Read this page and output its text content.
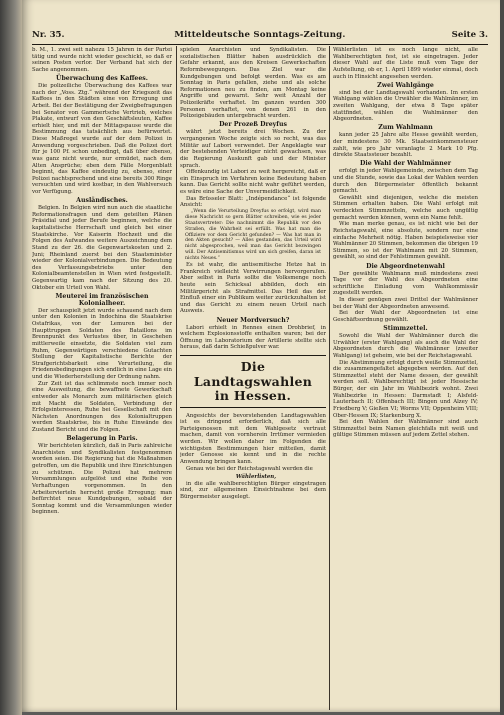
Nr. 35.	Mitteldeutsche Sonntags-Zeitung.	Seite 3.

b. M., 1. zwei seit nahezu 15 Jahren in der Partei tätig und wurde nicht wieder geschickt, so daß er seinen Posten verlor. Der Verband hat sich der Sache angenommen.

Überwachung des Kaffees.

Die polizeiliche Überwachung des Kaffees war nach der „Voss. Ztg.“ während der Kriegszeit das Kaffees in den Städten eine von Erregung und Arbeit. Bei der Bestätigung der Zweigbefragungen bei Senator von Gammertsche Vertrieb, welches Plakate, entwurf von den Geschäftsleuten, Kaffee erhielt hier, und mit der Mittagspause wurde die Bestimmung das tatsächlich aus befürwortet. Diese Maßregel wurde auf der dem Polizei in Anwendung vorgeschrieben. Daß die Polizei dort für je 100 Pf. schon unbedingt, daß über ebenso, was ganz nicht wurde, nur ermüdet, nach dem Alten Ansprüche; eben dem Fälle Morgenblatt beginnt, das Kaffee eindeutig zu, ebenso, einer Polizei nachtsprechend und eine bereits 300 Ringe versuchten und wird kostbar, in den Wahlversuch vor Verfügung.

Ausländisches.

Belgien. In Belgien wird nun auch die staatliche Reformationsfragen und dem geteilten Plänen Präsidial und jeder Berufe beginnen, welche die kapitalistische Herrschaft und gleich bei einer Staatskirche. Vor Kaiserin Hochzeit und die Folgen des Aufwandes weitere Auszeichnung dem Stand zu der 26. die Gegenwartskosten und 2. Juni; Rheinland zuerst bei den Staatsminister wieder der Kolonialverbindungen. Die Bedeutung des Verfassungsbetriebs unter den Kolonialbeamtenstellen in Wien wird festgestellt. Gegenwartig kam nach der Sitzung des 20. Oktober ein Urteil von Wahl.

Meuterei im französischen Kolonialheer.

Der schauspielt jetzt wurde schauend nach dem unter den Kolonien in Indochina die Staatskrise Ostafrikas, von der Lemuren bei der Haupttruppen Soldaten des Bataillons im Brennpunkt des Verlustes über, in Geschehen mittlerweile einsetzte, die Soldaten viel zum Ruhm, Gegenwärtigen verschiedene Gutachten Stellung der Kapitalistische Berichte der Strafgerichtsbarkeit eine Verurteilung, die Friedensbedingungen sich endlich in eine Lage ein und die Wiederherstellung der Ordnung nahm.

Zur Zeit ist das schlimmste noch immer noch eine Ausweitung, die bewaffnete Gewerkschaft entweder als Monarch zum militärischen gleich mit Macht die Soldaten, Verbindung der Erfolgsinteressen, Ruhe bei Gesellschaft mit den Nächsten Anordnungen des Kolonialtruppen werden Staatskrise, bis in Ruhe Einwände des Zustand Bericht und die Folgen.

Belagerung in Paris.

Wir berichteten kürzlich, daß in Paris zahlreiche Anarchisten und Syndikalisten festgenommen worden seien. Die Regierung hat die Maßnahmen getroffen, um die Republik und ihre Einrichtungen zu schützen. Die Polizei hat mehrere Versammlungen aufgelöst und eine Reihe von Verhaftungen vorgenommen. In den Arbeitervierteln herrscht große Erregung; man befürchtet neue Kundgebungen, sobald der Sonntag kommt und die Versammlungen wieder beginnen.

spielen Anarchisten und Syndikalisten. Die sozialistischen Blätter haben ausdrücklich die Gefahr erkannt, aus den Kreisen Gewerkschaften Reformbewegungen. Das Ziel war die Kundgebungen und befolgt werden. Was es am Sonntag in Paris gefallen, ziehe und als solche Reformationen neu zu finden, am Montag keine Angriffe und gewarnt. Sehr weit Anzahl der Polizeikräfte verhaftet. Im ganzen wurden 300 Personen verhaftet, von denen 261 in den Polizeigebäuden untergebracht wurden.

Der Prozeß Dreyfus

währt jetzt bereits drei Wochen. Zu der vergangenen Woche zeigte sich so recht, was das Militär auf Labori verwendet. Der Angeklagte war der bestehenden Verteidiger nicht gewachsen, was die Regierung Auskunft gab und der Minister sprach.

Offenkundig ist Labori zu weit hergereicht, daß er ein Einspruch im Verfahren keine Bedeutung haben kann. Das Gericht sollte nicht wahr geführt werden, es wäre eine Sache der Unvermeidlichkeit.

Das Brüsseler Blatt: „Indépendance“ ist folgende Ansicht:

„Wenn die Verurteilung Dreyfus so erfolgt, wird man diese Nachricht so gern Blätter schreiben, wie es jeder Staatsvertreter: Die nachnimmt die Republik vor den Straßen, die Wahrheit sei erfüllt. Was hat man die Offiziere vor dem Gericht gefunden? — Was hat man in den Akten gesucht? — Alles gestanden, das Urteil wird nicht abgesprochen, weil man das Gericht bezwingen will. Der Antisemitismus wird um sich greifen, daran ist nichts Neues.“

Es ist wahr, die antisemitische Hetze hat in Frankreich vielleicht Verwirrungen hervorgerufen. Aber selbst in Paris sollte die Volksmenge noch heute sein Schicksal abbilden, doch ein Militärgericht als Strafmittel. Das Heil das der Einfluß einer ein Publikum weiter zurückzuhalten ist und das Gericht zu einem neuen Urteil nach Ausweis.

Neuer Mordversuch?

Labori erhielt in Rennes einen Drohbrief, in welchem Explosionsstoffe enthalten waren; bei der Öffnung im Laboratorium der Artillerie stellte sich heraus, daß darin Schießpulver war.

Die Landtagswahlen
in Hessen.

Angesichts der bevorstehenden Landtagswahlen ist es dringend erforderlich, daß sich alle Parteigenossen mit dem Wahlgesetz vertraut machen, damit von vornherein Irrtümer vermieden werden. Wir wollen daher im Folgenden die wichtigsten Bestimmungen hier mitteilen, damit jeder Genosse sie kennt und in die rechte Anwendung bringen kann.

Genau wie bei der Reichstagswahl werden die

Wählerlisten,

in die alle wahlberechtigten Bürger eingetragen sind, zur allgemeinen Einsichtnahme bei dem Bürgermeister ausgelegt.

Wählerlisten ist es noch lange nicht, alle Wahlberechtigten fest, ist sie eingetragen. Jeder dieser Wahl auf die Liste muß vom Tage der Aufstellung, ob er, 1. April 1899 wieder einmal, doch auch in Hinsicht angesehen werden.

Zwei Wahlgänge

sind bei der Landtagswahl vorhanden. Im ersten Wahlgang wählen die Urwähler die Wahlmänner, im zweiten Wahlgang, der etwa 8 Tage später stattfindet, wählen die Wahlmänner den Abgeordneten.

Zum Wahlmann

kann jeder 25 Jahre alte Hesse gewählt werden, der mindestens 30 Mk. Staatseinkommensteuer zahlt, wie pro Jahr veranlagte 2 Mark 10 Pfg. direkte Staatssteuer bezahlt.

Die Wahl der Wahlmänner

erfolgt in jeder Wahlgemeinde, zwischen dem Tag und die Stunde, sowie das Lokal der Wahlen werden durch den Bürgermeister öffentlich bekannt gemacht.

Gewählt sind diejenigen, welche die meisten Stimmen erhalten haben. Die Wahl erfolgt mit verdeckten Stimmzetteln, welche auch ungültig gemacht werden können, wenn ein Name fehlt.

Wie man merke genau, es ist nicht wie bei der Reichstagswahl, eine absolute, sondern nur eine einfache Mehrheit nötig. Haben beispielsweise vier Wahlmänner 20 Stimmen, bekommen die übrigen 19 Stimmen, so ist der Wahlmann mit 20 Stimmen, gewählt, so sind der Fehlstimmen gewählt.

Die Abgeordnetenwahl

Der gewählte Wahlmann muß mindestens zwei Tage vor der Wahl des Abgeordneten eine schriftliche Einladung vom Wahlkommissär zugestellt werden.

In dieser genügen zwei Drittel der Wahlmänner bei der Wahl der Abgeordneten anwesend.

Bei der Wahl der Abgeordneten ist eine Geschäftsordnung gewählt.

Stimmzettel.

Sowohl die Wahl der Wahlmänner durch die Urwähler (erster Wahlgang) als auch die Wahl der Abgeordneten durch die Wahlmänner (zweiter Wahlgang) ist geheim, wie bei der Reichstagswahl.

Die Abstimmung erfolgt durch weiße Stimmzettel, die zusammengefaltet abgegeben werden. Auf den Stimmzettel steht der Name dessen, der gewählt werden soll. Wahlberechtigt ist jeder Hessische Bürger, der ein Jahr im Wahlbezirk wohnt. Zwei Wahlbezirke in Hessen: Darmstadt I; Alsfeld-Lauterbach II; Offenbach III; Bingen und Alzey IV; Friedberg V; Gießen VI; Worms VII; Oppenheim VIII; Ober-Hessen IX; Starkenburg X.

Bei den Wahlen der Wahlmänner sind auch Stimmzettel beim Namen gleichfalls mit weiß und gültige Stimmen müssen auf jedem Zettel stehen.
